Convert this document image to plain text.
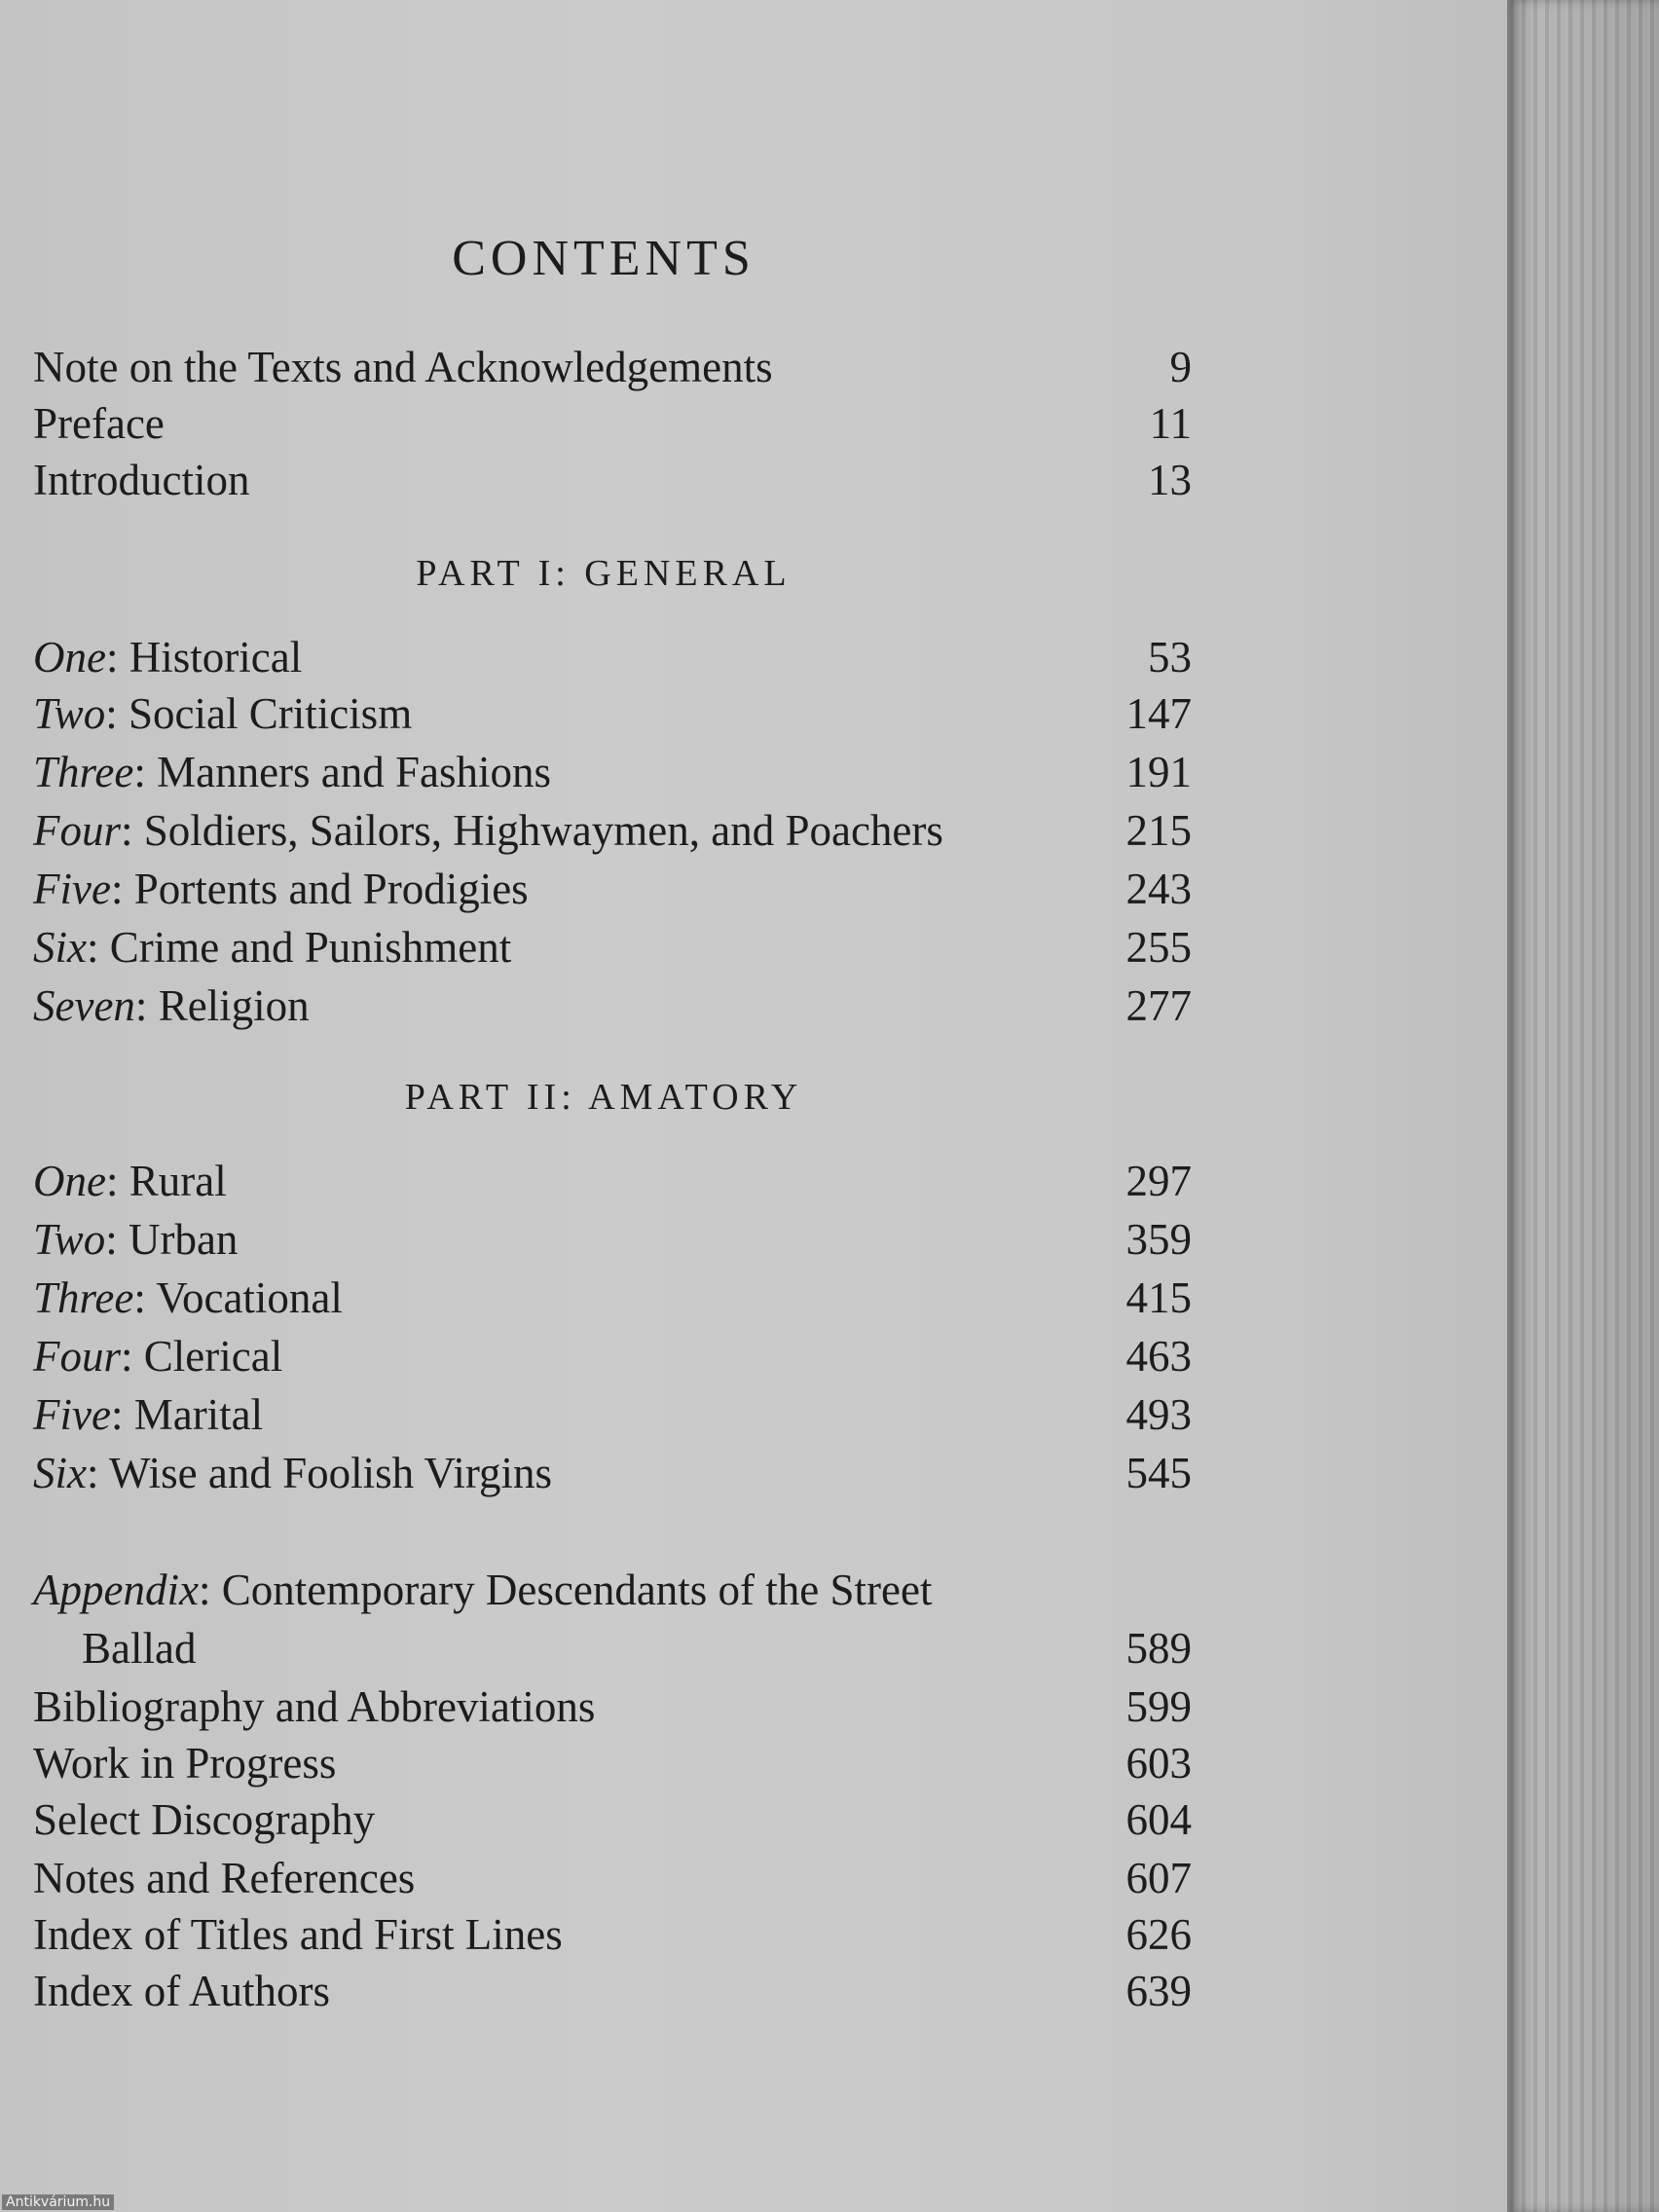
CONTENTS
Note on the Texts and Acknowledgements	9
Preface	11
Introduction	13
PART I: GENERAL
One: Historical	53
Two: Social Criticism	147
Three: Manners and Fashions	191
Four: Soldiers, Sailors, Highwaymen, and Poachers	215
Five: Portents and Prodigies	243
Six: Crime and Punishment	255
Seven: Religion	277
PART II: AMATORY
One: Rural	297
Two: Urban	359
Three: Vocational	415
Four: Clerical	463
Five: Marital	493
Six: Wise and Foolish Virgins	545
Appendix: Contemporary Descendants of the Street
Ballad	589
Bibliography and Abbreviations	599
Work in Progress	603
Select Discography	604
Notes and References	607
Index of Titles and First Lines	626
Index of Authors	639
Antikvárium.hu
